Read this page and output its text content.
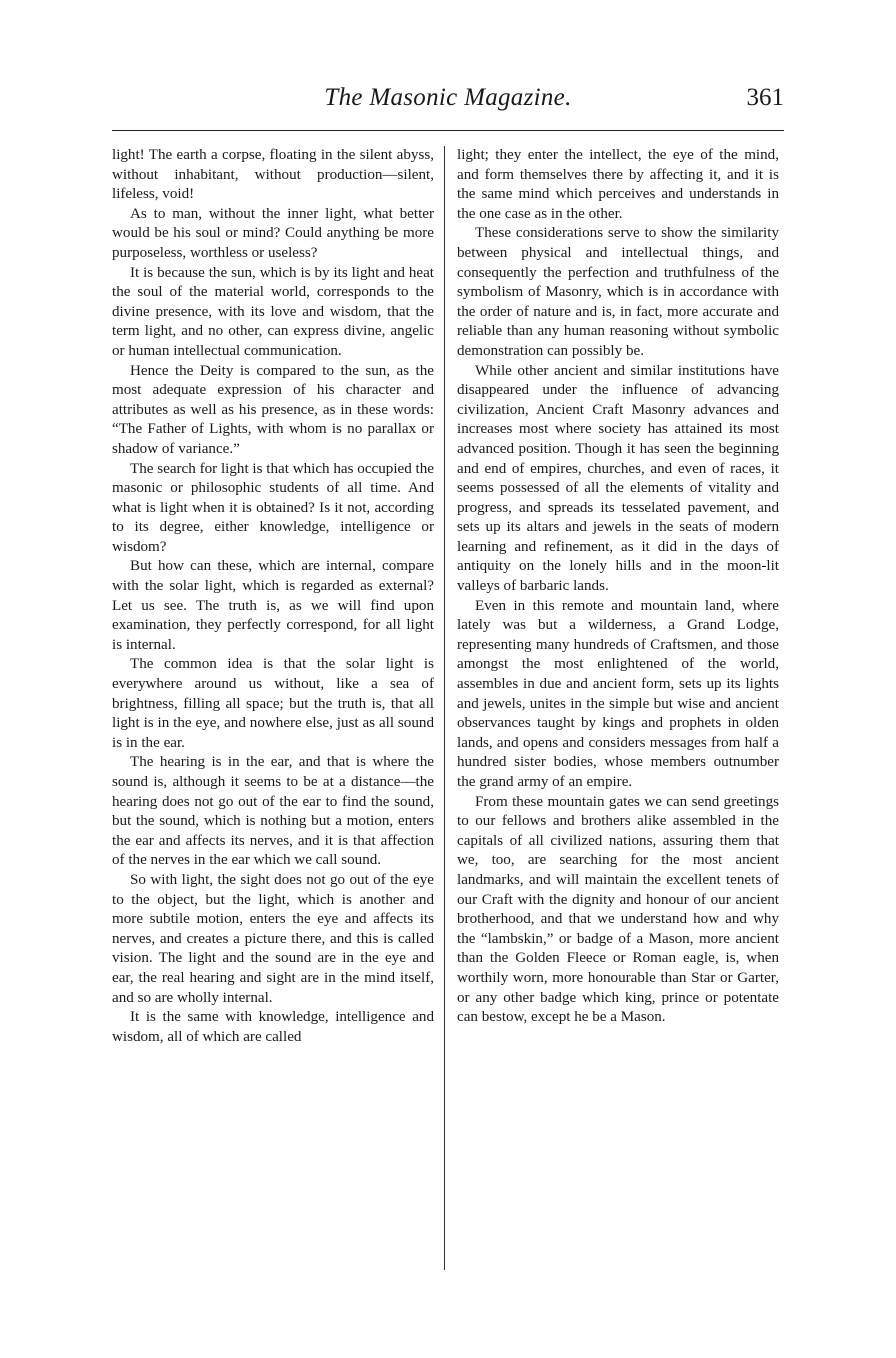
The Masonic Magazine.	361

light! The earth a corpse, floating in the silent abyss, without inhabitant, without production—silent, lifeless, void!

As to man, without the inner light, what better would be his soul or mind? Could anything be more purposeless, worthless or useless?

It is because the sun, which is by its light and heat the soul of the material world, corresponds to the divine presence, with its love and wisdom, that the term light, and no other, can express divine, angelic or human intellectual communication.

Hence the Deity is compared to the sun, as the most adequate expression of his character and attributes as well as his presence, as in these words: “The Father of Lights, with whom is no parallax or shadow of variance.”

The search for light is that which has occupied the masonic or philosophic students of all time. And what is light when it is obtained? Is it not, according to its degree, either knowledge, intelligence or wisdom?

But how can these, which are internal, compare with the solar light, which is regarded as external? Let us see. The truth is, as we will find upon examination, they perfectly correspond, for all light is internal.

The common idea is that the solar light is everywhere around us without, like a sea of brightness, filling all space; but the truth is, that all light is in the eye, and nowhere else, just as all sound is in the ear.

The hearing is in the ear, and that is where the sound is, although it seems to be at a distance—the hearing does not go out of the ear to find the sound, but the sound, which is nothing but a motion, enters the ear and affects its nerves, and it is that affection of the nerves in the ear which we call sound.

So with light, the sight does not go out of the eye to the object, but the light, which is another and more subtile motion, enters the eye and affects its nerves, and creates a picture there, and this is called vision. The light and the sound are in the eye and ear, the real hearing and sight are in the mind itself, and so are wholly internal.

It is the same with knowledge, intelligence and wisdom, all of which are called

light; they enter the intellect, the eye of the mind, and form themselves there by affecting it, and it is the same mind which perceives and understands in the one case as in the other.

These considerations serve to show the similarity between physical and intellectual things, and consequently the perfection and truthfulness of the symbolism of Masonry, which is in accordance with the order of nature and is, in fact, more accurate and reliable than any human reasoning without symbolic demonstration can possibly be.

While other ancient and similar institutions have disappeared under the influence of advancing civilization, Ancient Craft Masonry advances and increases most where society has attained its most advanced position. Though it has seen the beginning and end of empires, churches, and even of races, it seems possessed of all the elements of vitality and progress, and spreads its tesselated pavement, and sets up its altars and jewels in the seats of modern learning and refinement, as it did in the days of antiquity on the lonely hills and in the moon-lit valleys of barbaric lands.

Even in this remote and mountain land, where lately was but a wilderness, a Grand Lodge, representing many hundreds of Craftsmen, and those amongst the most enlightened of the world, assembles in due and ancient form, sets up its lights and jewels, unites in the simple but wise and ancient observances taught by kings and prophets in olden lands, and opens and considers messages from half a hundred sister bodies, whose members outnumber the grand army of an empire.

From these mountain gates we can send greetings to our fellows and brothers alike assembled in the capitals of all civilized nations, assuring them that we, too, are searching for the most ancient landmarks, and will maintain the excellent tenets of our Craft with the dignity and honour of our ancient brotherhood, and that we understand how and why the “lambskin,” or badge of a Mason, more ancient than the Golden Fleece or Roman eagle, is, when worthily worn, more honourable than Star or Garter, or any other badge which king, prince or potentate can bestow, except he be a Mason.
